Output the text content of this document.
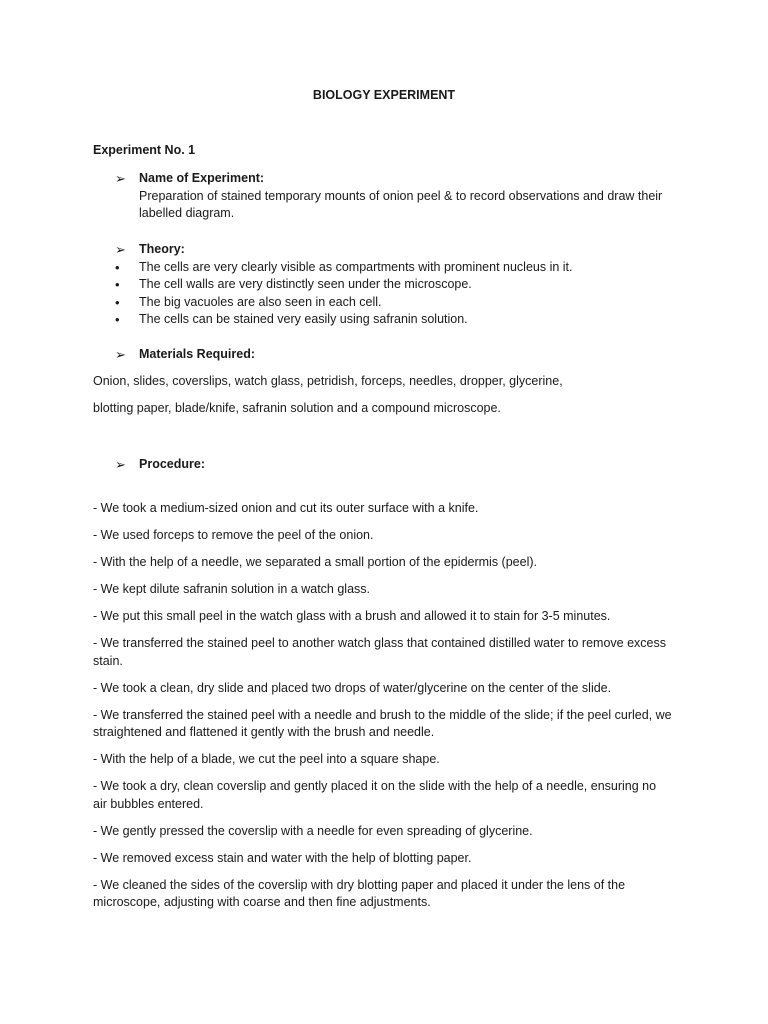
BIOLOGY EXPERIMENT
Experiment No. 1
➢ Name of Experiment:
Preparation of stained temporary mounts of onion peel & to record observations and draw their labelled diagram.
➢ Theory:
• The cells are very clearly visible as compartments with prominent nucleus in it.
• The cell walls are very distinctly seen under the microscope.
• The big vacuoles are also seen in each cell.
• The cells can be stained very easily using safranin solution.
➢ Materials Required:
Onion, slides, coverslips, watch glass, petridish, forceps, needles, dropper, glycerine,
blotting paper, blade/knife, safranin solution and a compound microscope.
➢ Procedure:
- We took a medium-sized onion and cut its outer surface with a knife.
- We used forceps to remove the peel of the onion.
- With the help of a needle, we separated a small portion of the epidermis (peel).
- We kept dilute safranin solution in a watch glass.
- We put this small peel in the watch glass with a brush and allowed it to stain for 3-5 minutes.
- We transferred the stained peel to another watch glass that contained distilled water to remove excess stain.
- We took a clean, dry slide and placed two drops of water/glycerine on the center of the slide.
- We transferred the stained peel with a needle and brush to the middle of the slide; if the peel curled, we straightened and flattened it gently with the brush and needle.
- With the help of a blade, we cut the peel into a square shape.
- We took a dry, clean coverslip and gently placed it on the slide with the help of a needle, ensuring no air bubbles entered.
- We gently pressed the coverslip with a needle for even spreading of glycerine.
- We removed excess stain and water with the help of blotting paper.
- We cleaned the sides of the coverslip with dry blotting paper and placed it under the lens of the microscope, adjusting with coarse and then fine adjustments.
